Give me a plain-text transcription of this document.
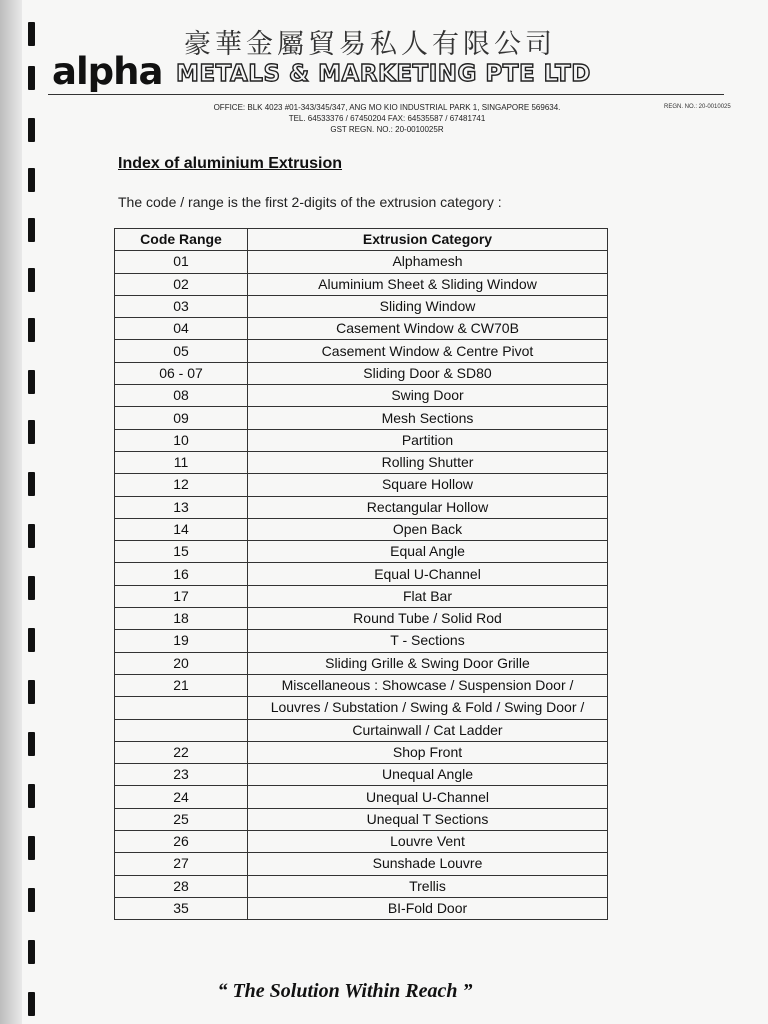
豪華金屬貿易私人有限公司
alpha METALS & MARKETING PTE LTD
OFFICE: BLK 4023 #01-343/345/347, ANG MO KIO INDUSTRIAL PARK 1, SINGAPORE 569634.
TEL. 64533376 / 67450204 FAX: 64535587 / 67481741
GST REGN. NO.: 20-0010025R
REGN. NO.: 20-0010025
Index of aluminium Extrusion
The code / range is the first 2-digits of the extrusion category :
Code Range	Extrusion Category
01	Alphamesh
02	Aluminium Sheet & Sliding Window
03	Sliding Window
04	Casement Window & CW70B
05	Casement Window & Centre Pivot
06 - 07	Sliding Door & SD80
08	Swing Door
09	Mesh Sections
10	Partition
11	Rolling Shutter
12	Square Hollow
13	Rectangular Hollow
14	Open Back
15	Equal Angle
16	Equal U-Channel
17	Flat Bar
18	Round Tube / Solid Rod
19	T - Sections
20	Sliding Grille & Swing Door Grille
21	Miscellaneous : Showcase / Suspension Door /
	Louvres / Substation / Swing & Fold / Swing Door /
	Curtainwall / Cat Ladder
22	Shop Front
23	Unequal Angle
24	Unequal U-Channel
25	Unequal T Sections
26	Louvre Vent
27	Sunshade Louvre
28	Trellis
35	BI-Fold Door
“ The Solution Within Reach ”
